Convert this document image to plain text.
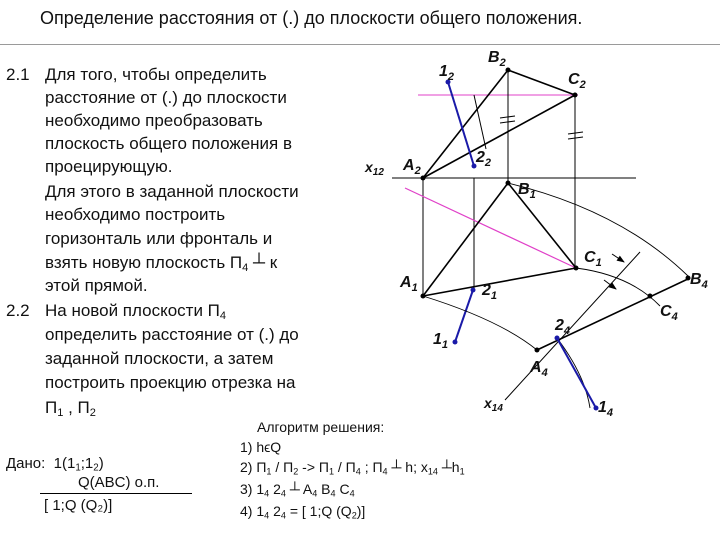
Определение расстояния от (.) до плоскости общего положения.
2.1 Для того, чтобы определить
расстояние от (.) до плоскости
необходимо преобразовать
плоскость общего положения в
проецирующую.
Для этого в заданной плоскости
необходимо построить
горизонталь или фронталь и
взять новую плоскость $П_4$ ┴ к
этой прямой.
2.2 На новой плоскости $П_4$
определить расстояние от (.) до
заданной плоскости, а затем
построить проекцию отрезка на
$П_1$ , $П_2$
Дано: $1(1_1;1_2)$
Q(ABC) о.п.
[ 1;Q (Q₂)]
Алгоритм решения:
1) hϵQ
2) $П_1 / П_2 -> П_1 / П_4$ ; $П_4$ ┴ h; $x_{14}$ $┴h_1$
3) $1_4$ $2_4$ ┴ $A_4$ $B_4$ $C_4$
4) $1_4$ $2_4$ = [ 1;Q $(Q_2)$]
$1_2$
$B_2$
$C_2$
$x_{12}$ $A_2$
$2_2$
$B_1$
$C_1$
$B_4$
$A_1$	$2_1$
$C_4$
$2_4$
$1_1$
$A_4$
$x_{14}$	$1_4$
